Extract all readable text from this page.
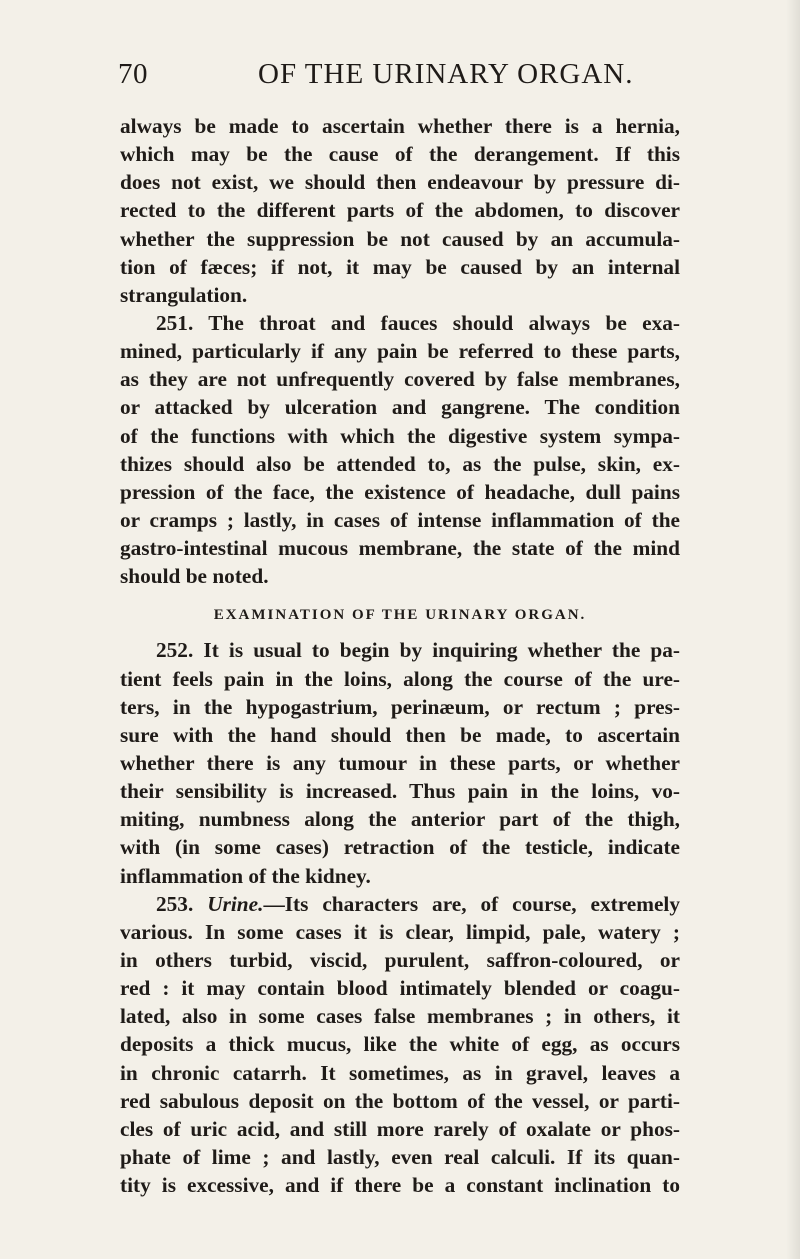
70	OF THE URINARY ORGAN.
always be made to ascertain whether there is a hernia,
which may be the cause of the derangement. If this
does not exist, we should then endeavour by pressure di-
rected to the different parts of the abdomen, to discover
whether the suppression be not caused by an accumula-
tion of fæces; if not, it may be caused by an internal
strangulation.
251. The throat and fauces should always be exa-
mined, particularly if any pain be referred to these parts,
as they are not unfrequently covered by false membranes,
or attacked by ulceration and gangrene. The condition
of the functions with which the digestive system sympa-
thizes should also be attended to, as the pulse, skin, ex-
pression of the face, the existence of headache, dull pains
or cramps ; lastly, in cases of intense inflammation of the
gastro-intestinal mucous membrane, the state of the mind
should be noted.
EXAMINATION OF THE URINARY ORGAN.
252. It is usual to begin by inquiring whether the pa-
tient feels pain in the loins, along the course of the ure-
ters, in the hypogastrium, perinæum, or rectum ; pres-
sure with the hand should then be made, to ascertain
whether there is any tumour in these parts, or whether
their sensibility is increased. Thus pain in the loins, vo-
miting, numbness along the anterior part of the thigh,
with (in some cases) retraction of the testicle, indicate
inflammation of the kidney.
253. Urine.—Its characters are, of course, extremely
various. In some cases it is clear, limpid, pale, watery ;
in others turbid, viscid, purulent, saffron-coloured, or
red : it may contain blood intimately blended or coagu-
lated, also in some cases false membranes ; in others, it
deposits a thick mucus, like the white of egg, as occurs
in chronic catarrh. It sometimes, as in gravel, leaves a
red sabulous deposit on the bottom of the vessel, or parti-
cles of uric acid, and still more rarely of oxalate or phos-
phate of lime ; and lastly, even real calculi. If its quan-
tity is excessive, and if there be a constant inclination to
